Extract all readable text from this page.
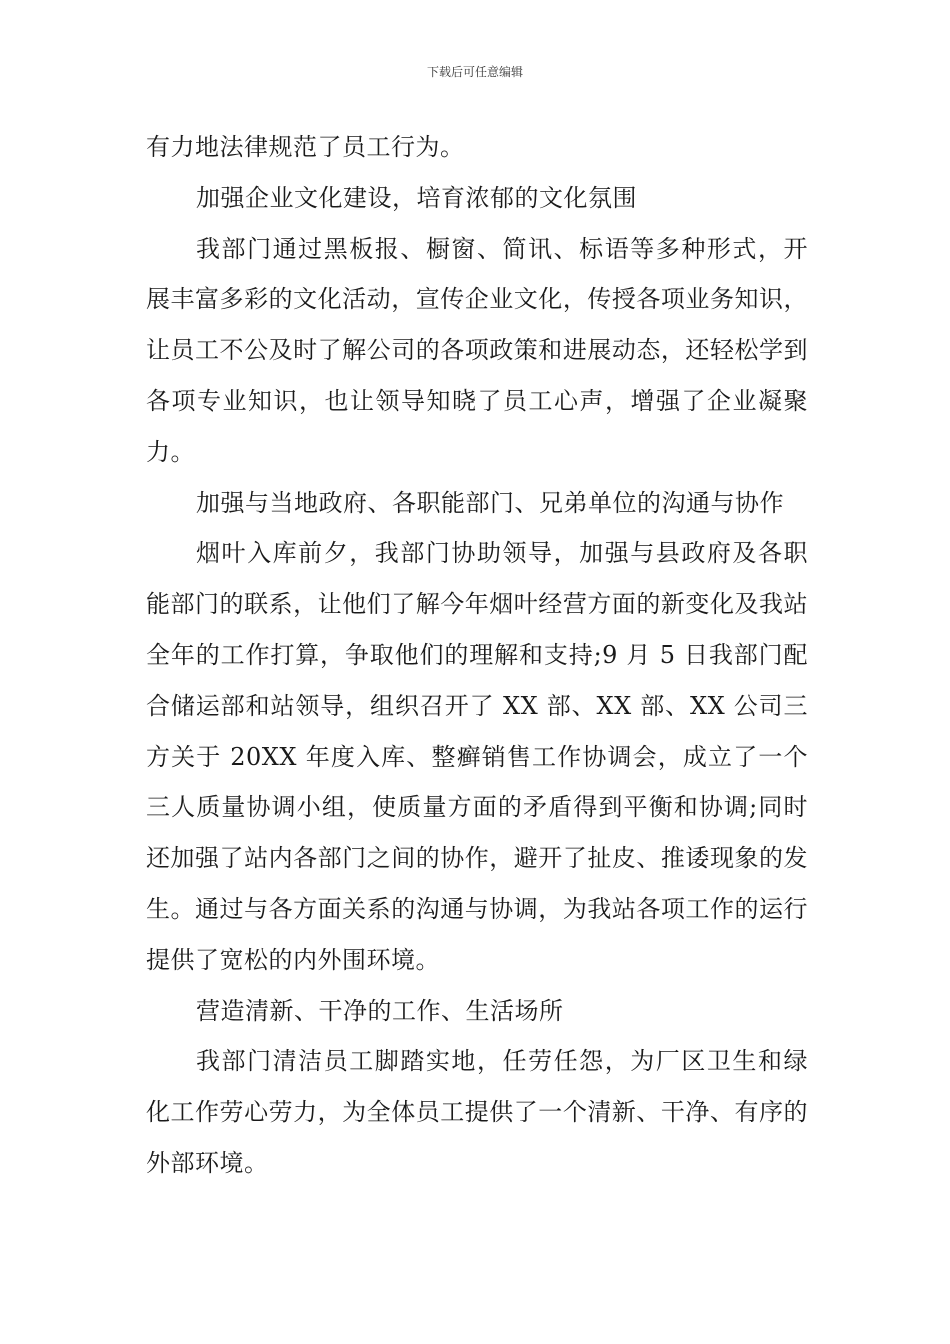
下载后可任意编辑

有力地法律规范了员工行为。

加强企业文化建设，培育浓郁的文化氛围

我部门通过黑板报、橱窗、简讯、标语等多种形式，开展丰富多彩的文化活动，宣传企业文化，传授各项业务知识，让员工不公及时了解公司的各项政策和进展动态，还轻松学到各项专业知识，也让领导知晓了员工心声，增强了企业凝聚力。

加强与当地政府、各职能部门、兄弟单位的沟通与协作

烟叶入库前夕，我部门协助领导，加强与县政府及各职能部门的联系，让他们了解今年烟叶经营方面的新变化及我站全年的工作打算，争取他们的理解和支持;9 月 5 日我部门配合储运部和站领导，组织召开了 XX 部、XX 部、XX 公司三方关于 20XX 年度入库、整癣销售工作协调会，成立了一个三人质量协调小组，使质量方面的矛盾得到平衡和协调;同时还加强了站内各部门之间的协作，避开了扯皮、推诿现象的发生。通过与各方面关系的沟通与协调，为我站各项工作的运行提供了宽松的内外围环境。

营造清新、干净的工作、生活场所

我部门清洁员工脚踏实地，任劳任怨，为厂区卫生和绿化工作劳心劳力，为全体员工提供了一个清新、干净、有序的外部环境。
